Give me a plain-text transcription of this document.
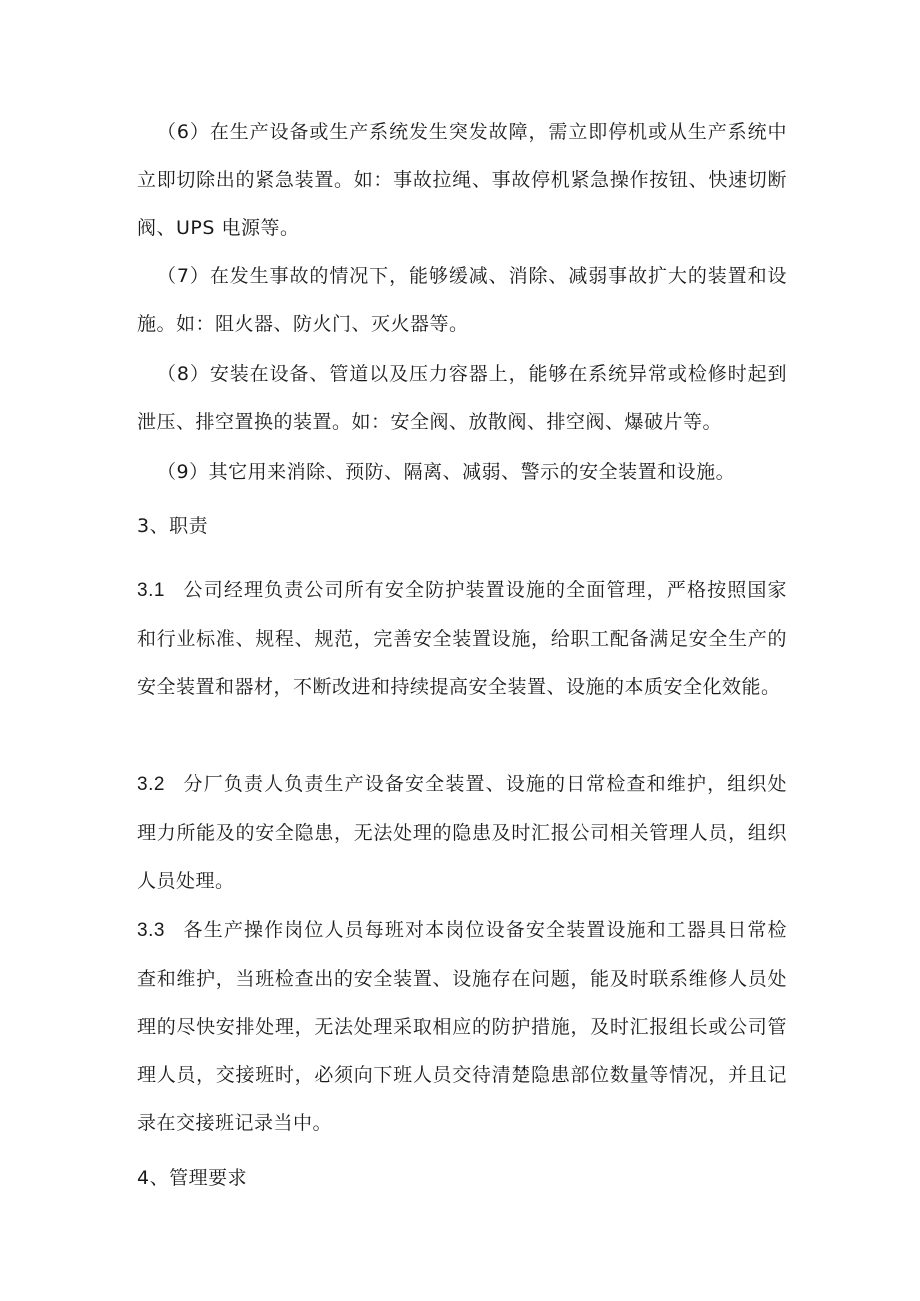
（6）在生产设备或生产系统发生突发故障，需立即停机或从生产系统中立即切除出的紧急装置。如：事故拉绳、事故停机紧急操作按钮、快速切断阀、UPS 电源等。

（7）在发生事故的情况下，能够缓减、消除、减弱事故扩大的装置和设施。如：阻火器、防火门、灭火器等。

（8）安装在设备、管道以及压力容器上，能够在系统异常或检修时起到泄压、排空置换的装置。如：安全阀、放散阀、排空阀、爆破片等。

（9）其它用来消除、预防、隔离、减弱、警示的安全装置和设施。

3、职责

3.1 公司经理负责公司所有安全防护装置设施的全面管理，严格按照国家和行业标准、规程、规范，完善安全装置设施，给职工配备满足安全生产的安全装置和器材，不断改进和持续提高安全装置、设施的本质安全化效能。

3.2 分厂负责人负责生产设备安全装置、设施的日常检查和维护，组织处理力所能及的安全隐患，无法处理的隐患及时汇报公司相关管理人员，组织人员处理。

3.3 各生产操作岗位人员每班对本岗位设备安全装置设施和工器具日常检查和维护，当班检查出的安全装置、设施存在问题，能及时联系维修人员处理的尽快安排处理，无法处理采取相应的防护措施，及时汇报组长或公司管理人员，交接班时，必须向下班人员交待清楚隐患部位数量等情况，并且记录在交接班记录当中。

4、管理要求
